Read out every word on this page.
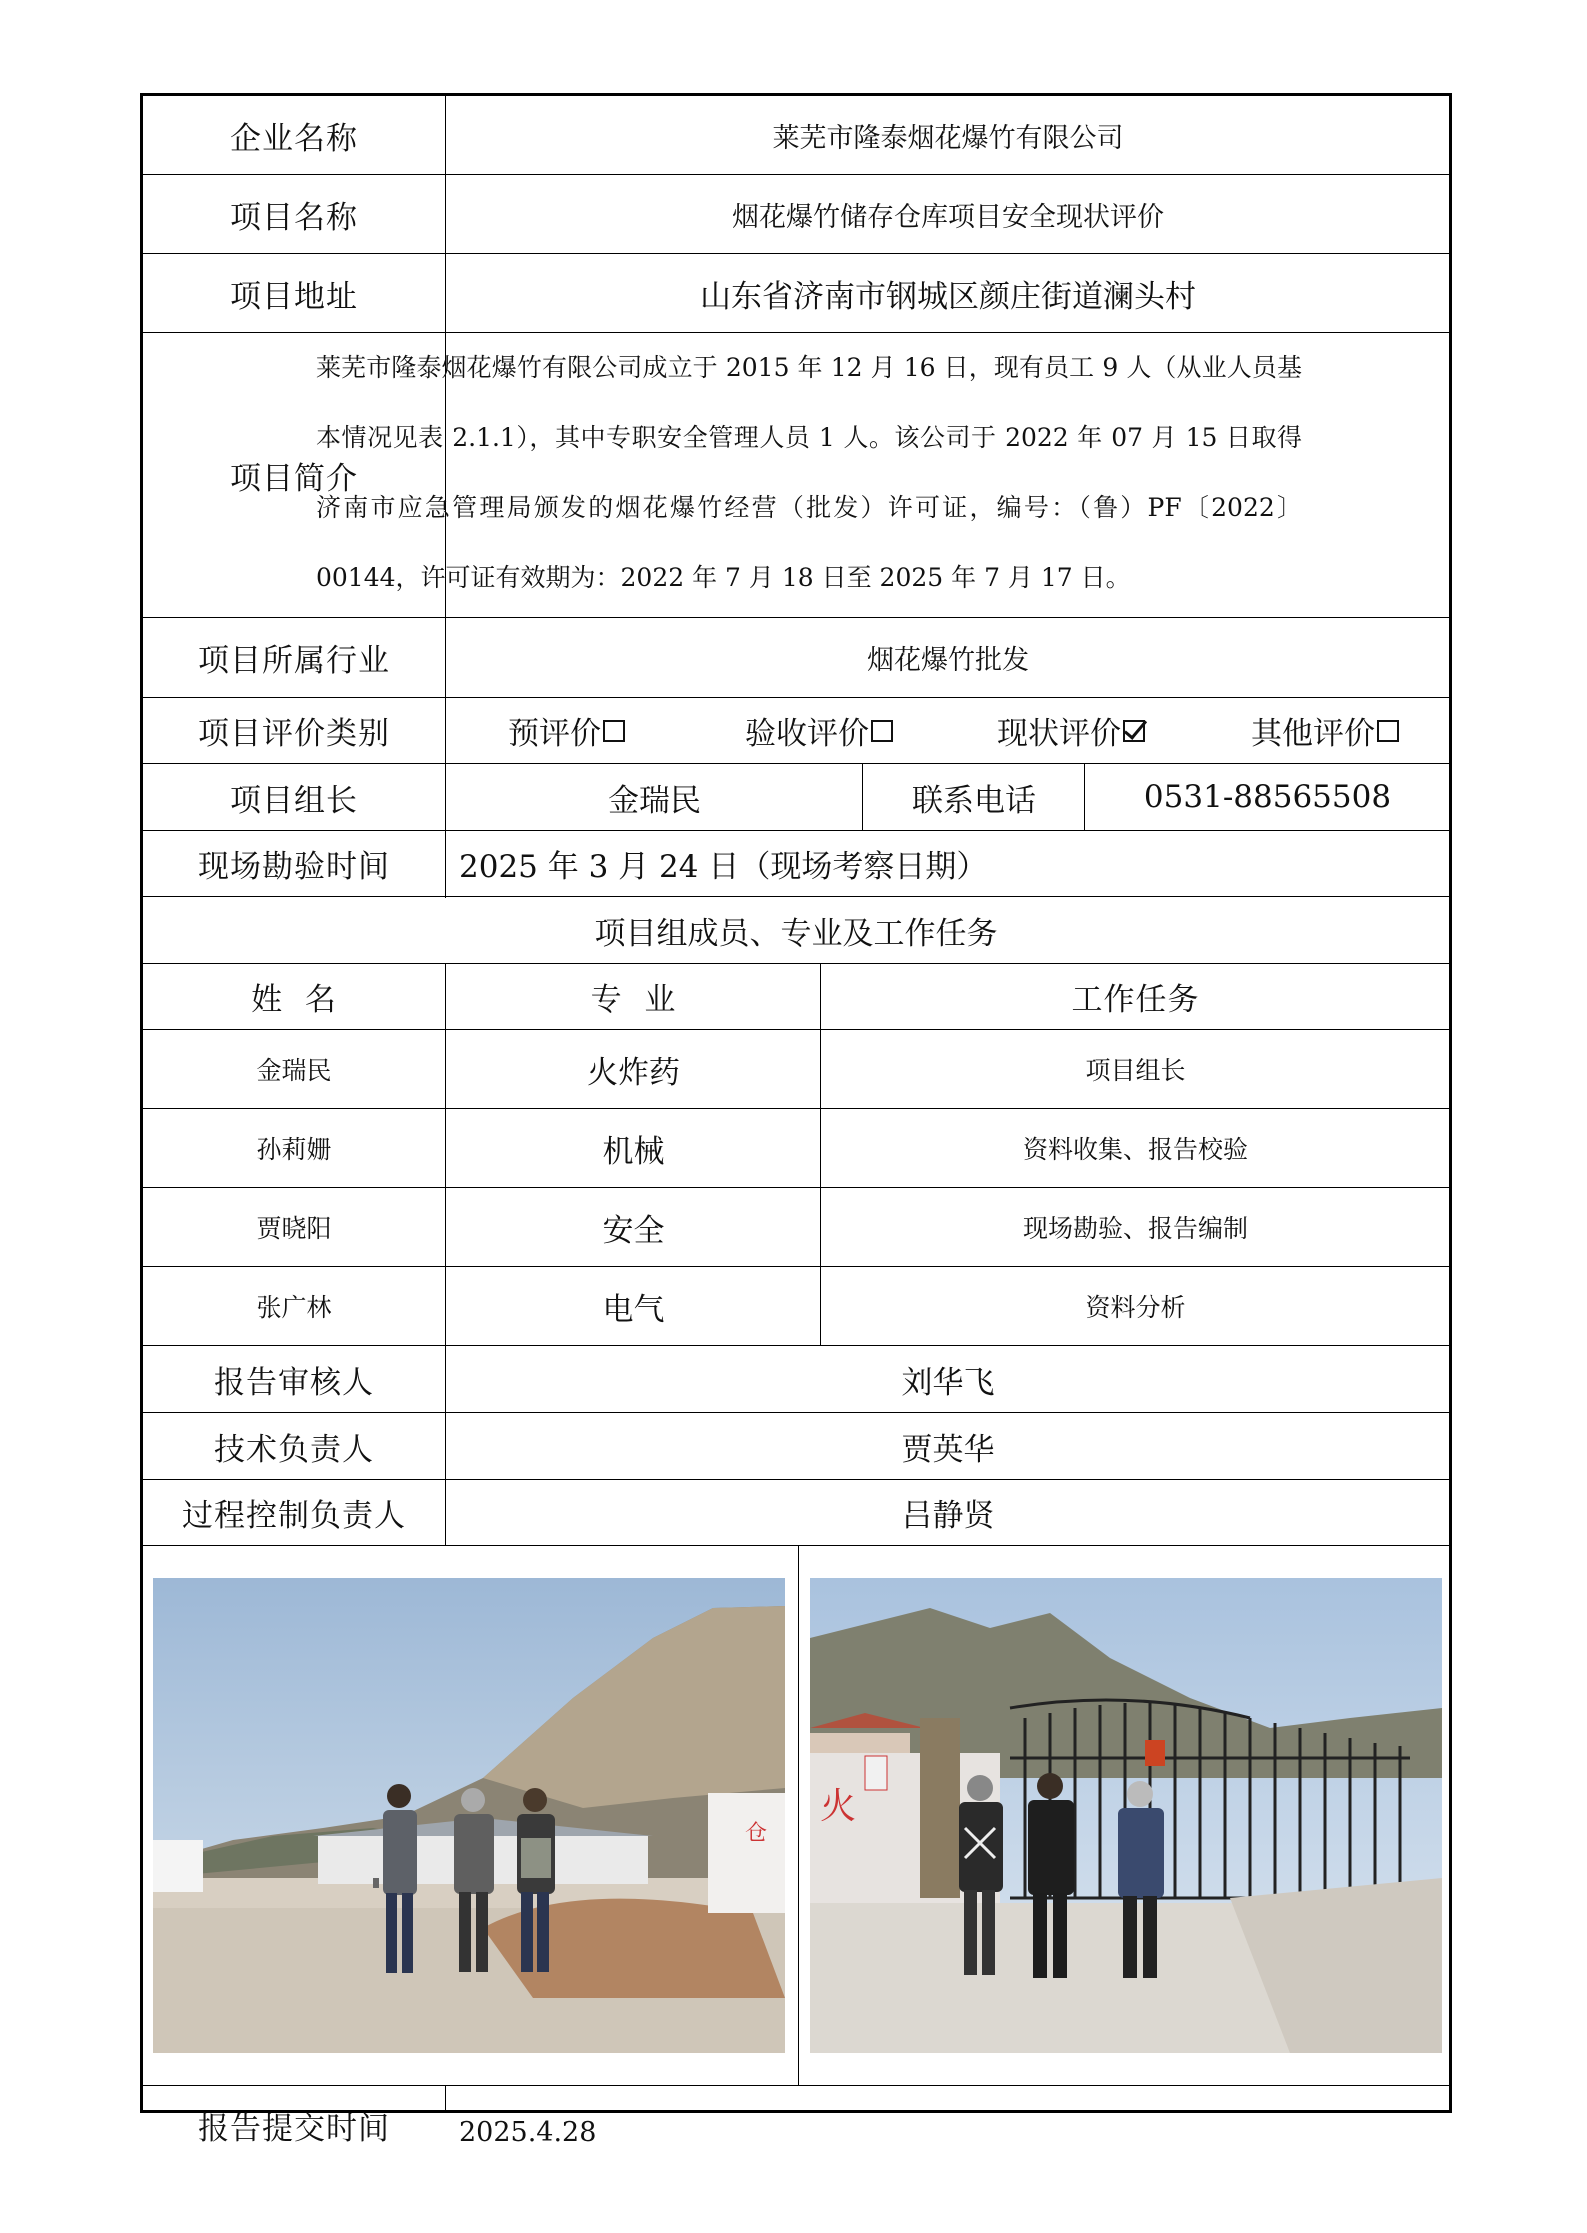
企业名称	莱芜市隆泰烟花爆竹有限公司
项目名称	烟花爆竹储存仓库项目安全现状评价
项目地址	山东省济南市钢城区颜庄街道澜头村
项目简介
莱芜市隆泰烟花爆竹有限公司成立于 2015 年 12 月 16 日，现有员工 9 人（从业人员基本情况见表 2.1.1），其中专职安全管理人员 1 人。该公司于 2022 年 07 月 15 日取得济南市应急管理局颁发的烟花爆竹经营（批发）许可证，编号：（鲁）PF〔2022〕00144，许可证有效期为：2022 年 7 月 18 日至 2025 年 7 月 17 日。
项目所属行业	烟花爆竹批发
项目评价类别	预评价	验收评价	现状评价	其他评价
项目组长	金瑞民	联系电话	0531-88565508
现场勘验时间	2025 年 3 月 24 日（现场考察日期）
项目组成员、专业及工作任务
姓  名	专  业	工作任务
金瑞民	火炸药	项目组长
孙莉姗	机械	资料收集、报告校验
贾晓阳	安全	现场勘验、报告编制
张广林	电气	资料分析
报告审核人	刘华飞
技术负责人	贾英华
过程控制负责人	吕静贤
仓
火
报告提交时间	2025.4.28
